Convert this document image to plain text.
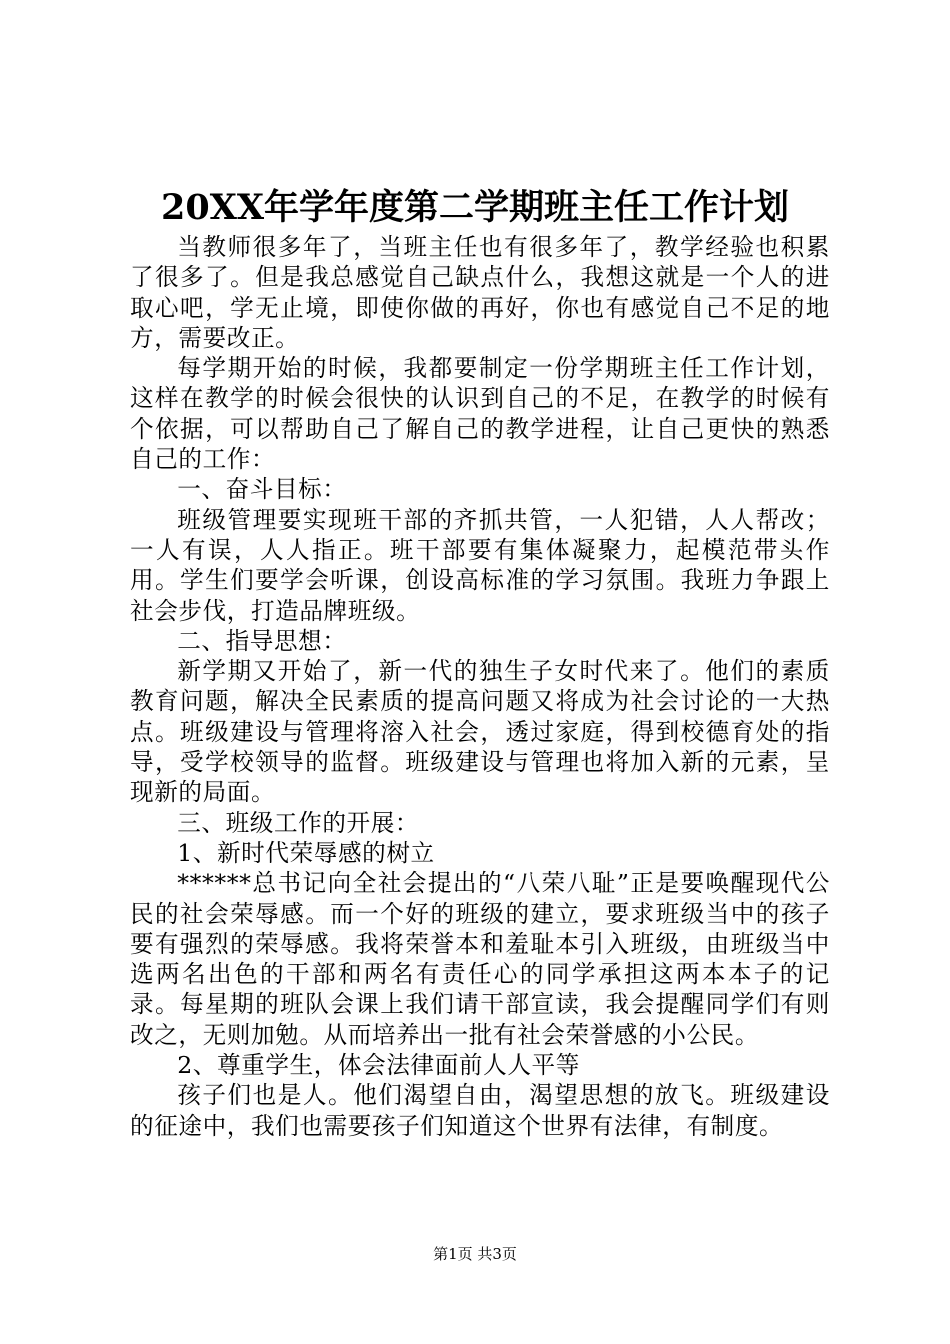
20XX年学年度第二学期班主任工作计划

当教师很多年了，当班主任也有很多年了，教学经验也积累了很多了。但是我总感觉自己缺点什么，我想这就是一个人的进取心吧，学无止境，即使你做的再好，你也有感觉自己不足的地方，需要改正。

每学期开始的时候，我都要制定一份学期班主任工作计划，这样在教学的时候会很快的认识到自己的不足，在教学的时候有个依据，可以帮助自己了解自己的教学进程，让自己更快的熟悉自己的工作：

一、奋斗目标：

班级管理要实现班干部的齐抓共管，一人犯错，人人帮改；一人有误，人人指正。班干部要有集体凝聚力，起模范带头作用。学生们要学会听课，创设高标准的学习氛围。我班力争跟上社会步伐，打造品牌班级。

二、指导思想：

新学期又开始了，新一代的独生子女时代来了。他们的素质教育问题，解决全民素质的提高问题又将成为社会讨论的一大热点。班级建设与管理将溶入社会，透过家庭，得到校德育处的指导，受学校领导的监督。班级建设与管理也将加入新的元素，呈现新的局面。

三、班级工作的开展：

1、新时代荣辱感的树立

******总书记向全社会提出的“八荣八耻”正是要唤醒现代公民的社会荣辱感。而一个好的班级的建立，要求班级当中的孩子要有强烈的荣辱感。我将荣誉本和羞耻本引入班级，由班级当中选两名出色的干部和两名有责任心的同学承担这两本本子的记录。每星期的班队会课上我们请干部宣读，我会提醒同学们有则改之，无则加勉。从而培养出一批有社会荣誉感的小公民。

2、尊重学生，体会法律面前人人平等

孩子们也是人。他们渴望自由，渴望思想的放飞。班级建设的征途中，我们也需要孩子们知道这个世界有法律，有制度。

第1页 共3页
